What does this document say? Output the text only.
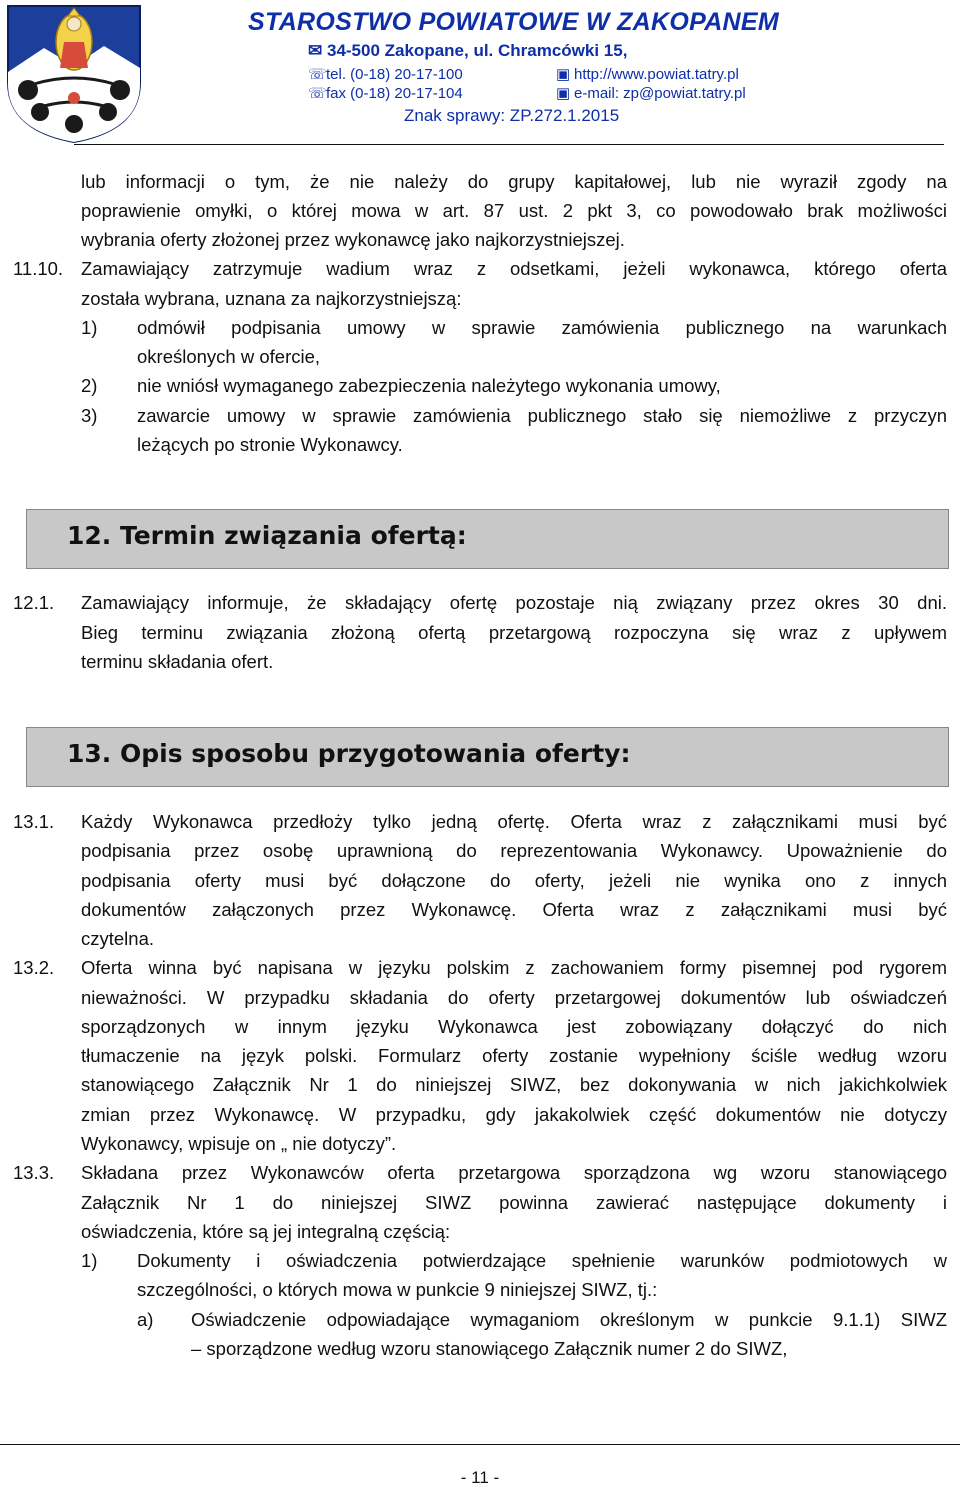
STAROSTWO POWIATOWE W ZAKOPANEM
✉ 34-500 Zakopane, ul. Chramcówki 15,
☏tel. (0-18) 20-17-100
☏fax (0-18) 20-17-104
▣ http://www.powiat.tatry.pl
▣ e-mail: zp@powiat.tatry.pl
Znak sprawy: ZP.272.1.2015
lub informacji o tym, że nie należy do grupy kapitałowej, lub nie wyraził zgody na
poprawienie omyłki, o której mowa w art. 87 ust. 2 pkt 3, co powodowało brak możliwości
wybrania oferty złożonej przez wykonawcę jako najkorzystniejszej.
11.10. Zamawiający zatrzymuje wadium wraz z odsetkami, jeżeli wykonawca, którego oferta
została wybrana, uznana za najkorzystniejszą:
1) odmówił podpisania umowy w sprawie zamówienia publicznego na warunkach
określonych w ofercie,
2) nie wniósł wymaganego zabezpieczenia należytego wykonania umowy,
3) zawarcie umowy w sprawie zamówienia publicznego stało się niemożliwe z przyczyn
leżących po stronie Wykonawcy.
12. Termin związania ofertą:
12.1. Zamawiający informuje, że składający ofertę pozostaje nią związany przez okres 30 dni.
Bieg terminu związania złożoną ofertą przetargową rozpoczyna się wraz z upływem
terminu składania ofert.
13. Opis sposobu przygotowania oferty:
13.1. Każdy Wykonawca przedłoży tylko jedną ofertę. Oferta wraz z załącznikami musi być
podpisania przez osobę uprawnioną do reprezentowania Wykonawcy. Upoważnienie do
podpisania oferty musi być dołączone do oferty, jeżeli nie wynika ono z innych
dokumentów załączonych przez Wykonawcę. Oferta wraz z załącznikami musi być
czytelna.
13.2. Oferta winna być napisana w języku polskim z zachowaniem formy pisemnej pod rygorem
nieważności. W przypadku składania do oferty przetargowej dokumentów lub oświadczeń
sporządzonych w innym języku Wykonawca jest zobowiązany dołączyć do nich
tłumaczenie na język polski. Formularz oferty zostanie wypełniony ściśle według wzoru
stanowiącego Załącznik Nr 1 do niniejszej SIWZ, bez dokonywania w nich jakichkolwiek
zmian przez Wykonawcę. W przypadku, gdy jakakolwiek część dokumentów nie dotyczy
Wykonawcy, wpisuje on „ nie dotyczy”.
13.3. Składana przez Wykonawców oferta przetargowa sporządzona wg wzoru stanowiącego
Załącznik Nr 1 do niniejszej SIWZ powinna zawierać następujące dokumenty i
oświadczenia, które są jej integralną częścią:
1) Dokumenty i oświadczenia potwierdzające spełnienie warunków podmiotowych w
szczególności, o których mowa w punkcie 9 niniejszej SIWZ, tj.:
a) Oświadczenie odpowiadające wymaganiom określonym w punkcie 9.1.1) SIWZ
– sporządzone według wzoru stanowiącego Załącznik numer 2 do SIWZ,
- 11 -
